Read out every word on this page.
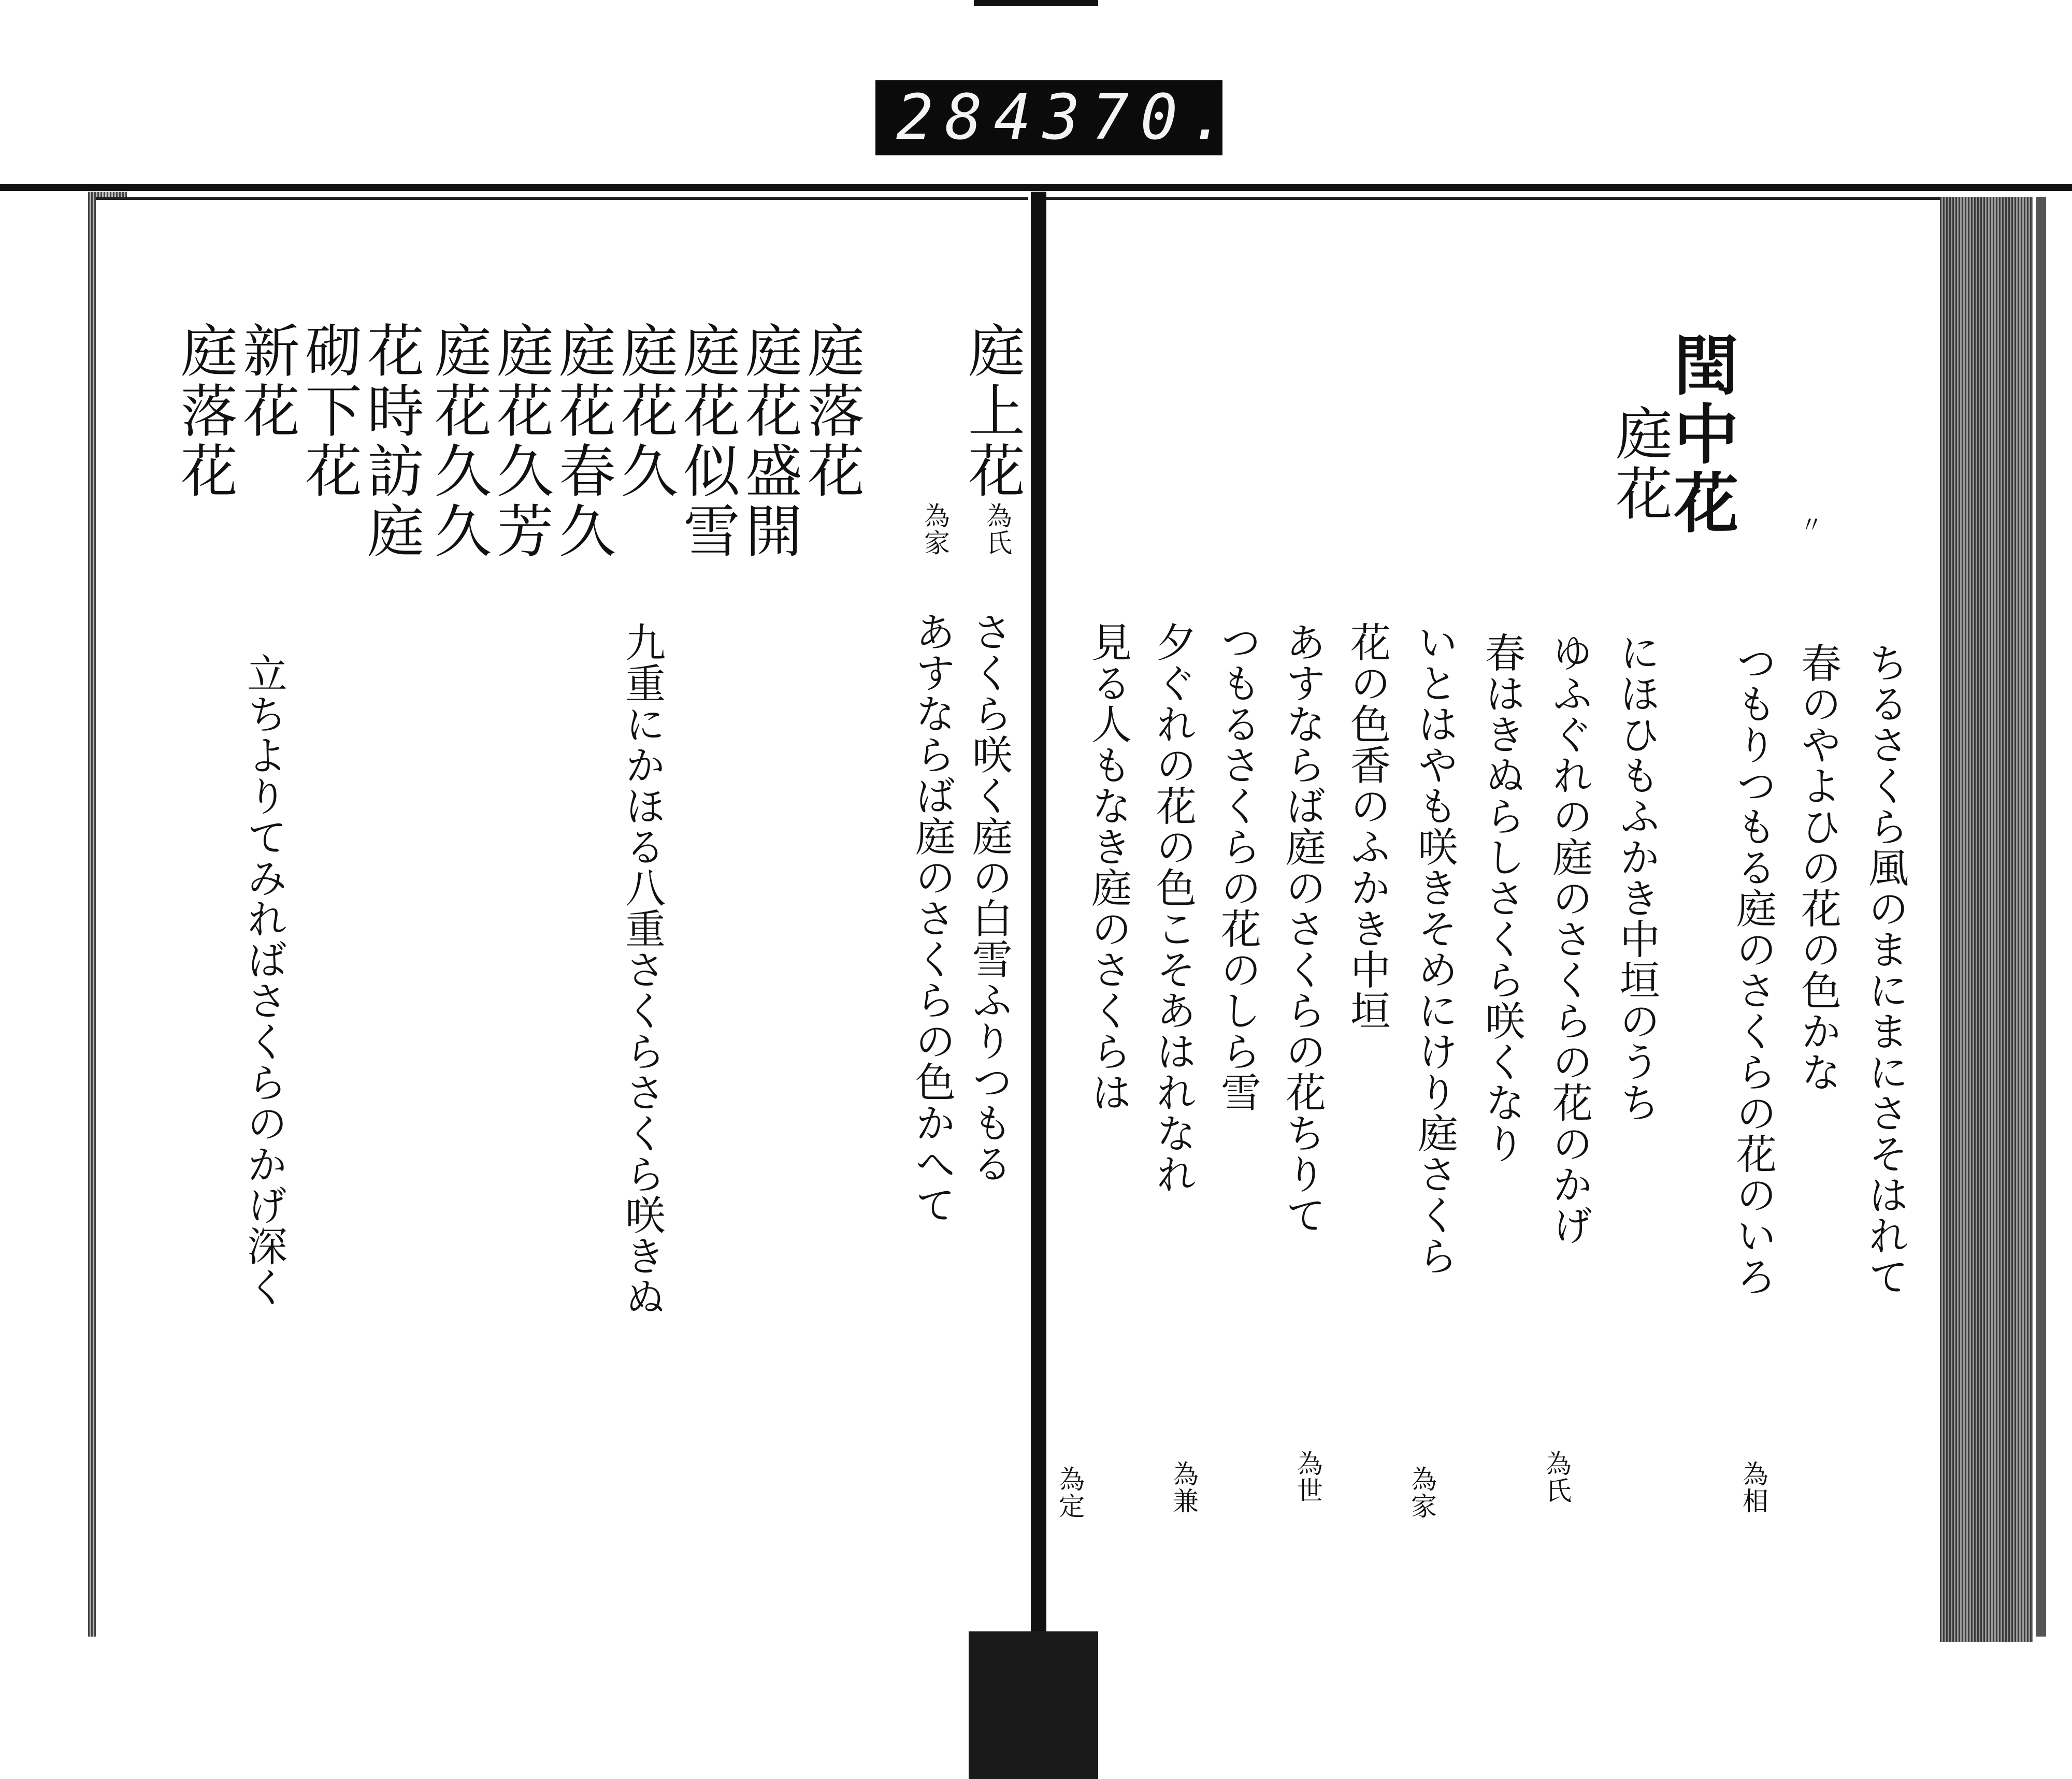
284 370.
閏中花
庭花	〃
ちるさくら風のまにまにさそはれて
春のやよひの花の色かな
つもりつもる庭のさくらの花のいろ
にほひもふかき中垣のうち
ゆふぐれの庭のさくらの花のかげ
春はきぬらしさくら咲くなり
いとはやも咲きそめにけり庭さくら
花の色香のふかき中垣
あすならば庭のさくらの花ちりて
つもるさくらの花のしら雪
夕ぐれの花の色こそあはれなれ
見る人もなき庭のさくらは
為相
為氏
為家
為世
為兼
為定
庭上花
為氏
為家
さくら咲く庭の白雪ふりつもる
あすならば庭のさくらの色かへて
庭落花
庭花盛開
庭花似雪
庭花久
庭花春久
庭花久芳
庭花久久
花時訪庭
砌下花
新花
庭落花
九重にかほる八重さくらさくら咲きぬ
立ちよりてみればさくらのかげ深く
